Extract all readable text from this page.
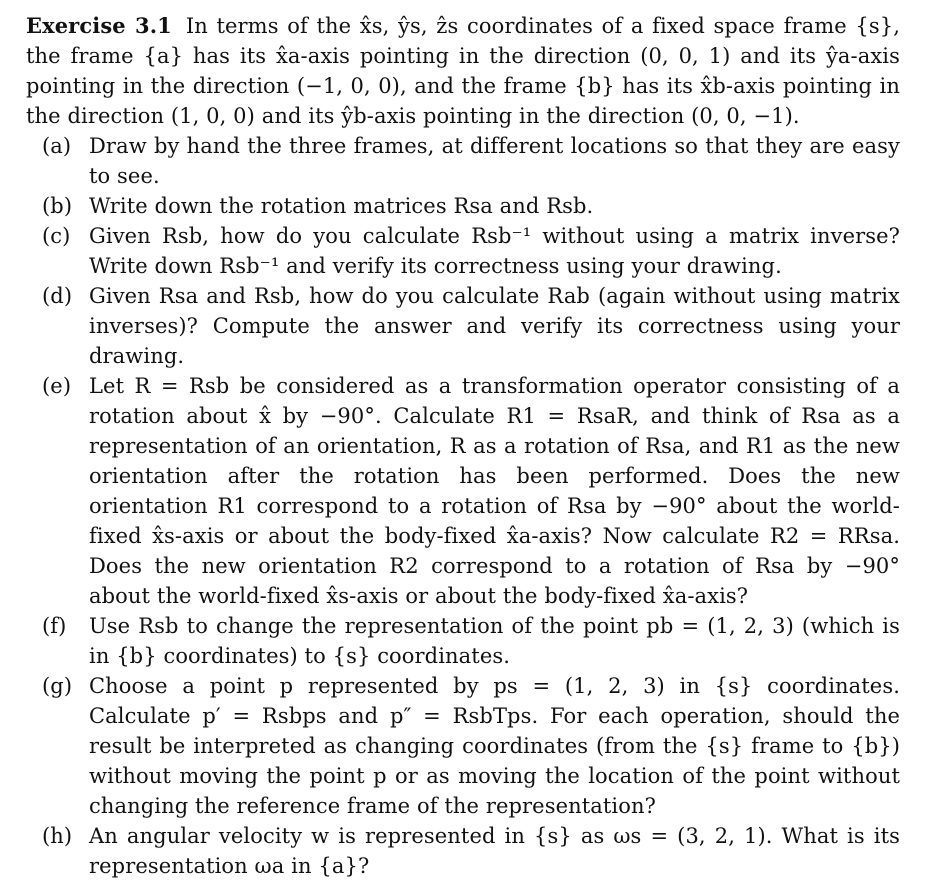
Exercise 3.1 In terms of the x̂s, ŷs, ẑs coordinates of a fixed space frame {s}, the frame {a} has its x̂a-axis pointing in the direction (0, 0, 1) and its ŷa-axis pointing in the direction (−1, 0, 0), and the frame {b} has its x̂b-axis pointing in the direction (1, 0, 0) and its ŷb-axis pointing in the direction (0, 0, −1).

(a) Draw by hand the three frames, at different locations so that they are easy to see.
(b) Write down the rotation matrices Rsa and Rsb.
(c) Given Rsb, how do you calculate Rsb⁻¹ without using a matrix inverse? Write down Rsb⁻¹ and verify its correctness using your drawing.
(d) Given Rsa and Rsb, how do you calculate Rab (again without using matrix inverses)? Compute the answer and verify its correctness using your drawing.
(e) Let R = Rsb be considered as a transformation operator consisting of a rotation about x̂ by −90°. Calculate R1 = RsaR, and think of Rsa as a representation of an orientation, R as a rotation of Rsa, and R1 as the new orientation after the rotation has been performed. Does the new orientation R1 correspond to a rotation of Rsa by −90° about the world-fixed x̂s-axis or about the body-fixed x̂a-axis? Now calculate R2 = RRsa. Does the new orientation R2 correspond to a rotation of Rsa by −90° about the world-fixed x̂s-axis or about the body-fixed x̂a-axis?
(f)	Use Rsb to change the representation of the point pb = (1, 2, 3) (which is in {b} coordinates) to {s} coordinates.
(g) Choose a point p represented by ps = (1, 2, 3) in {s} coordinates. Calculate p′ = Rsbps and p″ = RsbTps. For each operation, should the result be interpreted as changing coordinates (from the {s} frame to {b}) without moving the point p or as moving the location of the point without changing the reference frame of the representation?
(h) An angular velocity w is represented in {s} as ωs = (3, 2, 1). What is its representation ωa in {a}?
